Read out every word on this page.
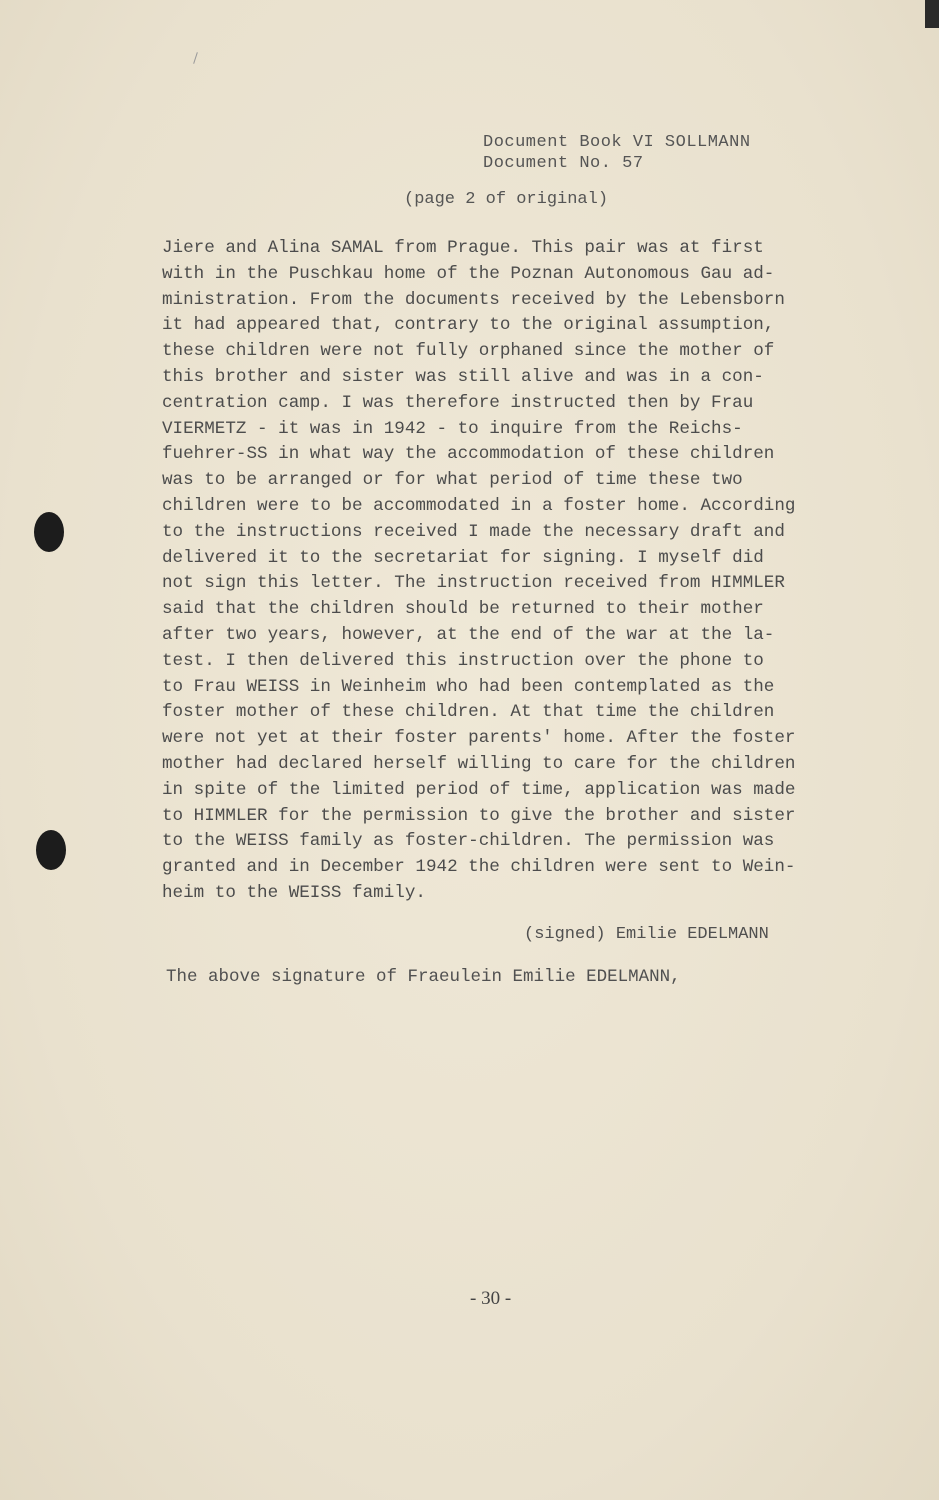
Document Book VI SOLLMANN
Document No. 57
(page 2 of original)
Jiere and Alina SAMAL from Prague. This pair was at first
with in the Puschkau home of the Poznan Autonomous Gau ad-
ministration. From the documents received by the Lebensborn
it had appeared that, contrary to the original assumption,
these children were not fully orphaned since the mother of
this brother and sister was still alive and was in a con-
centration camp. I was therefore instructed then by Frau
VIERMETZ - it was in 1942 - to inquire from the Reichs-
fuehrer-SS in what way the accommodation of these children
was to be arranged or for what period of time these two
children were to be accommodated in a foster home. According
to the instructions received I made the necessary draft and
delivered it to the secretariat for signing. I myself did
not sign this letter. The instruction received from HIMMLER
said that the children should be returned to their mother
after two years, however, at the end of the war at the la-
test. I then delivered this instruction over the phone to
to Frau WEISS in Weinheim who had been contemplated as the
foster mother of these children. At that time the children
were not yet at their foster parents' home. After the foster
mother had declared herself willing to care for the children
in spite of the limited period of time, application was made
to HIMMLER for the permission to give the brother and sister
to the WEISS family as foster-children. The permission was
granted and in December 1942 the children were sent to Wein-
heim to the WEISS family.
(signed) Emilie EDELMANN
The above signature of Fraeulein Emilie EDELMANN,
- 30 -
